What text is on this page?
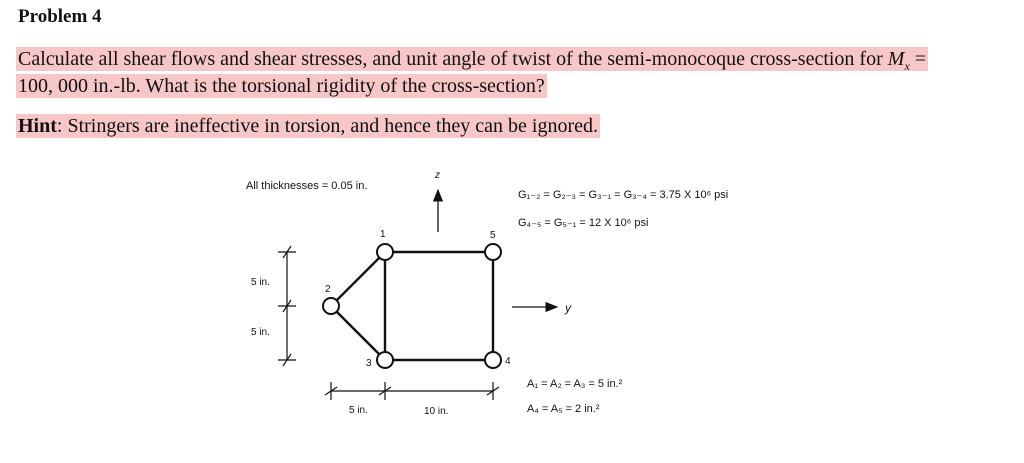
Problem 4

Calculate all shear flows and shear stresses, and unit angle of twist of the semi-monocoque cross-section for $M_x$ =
100, 000 in.-lb. What is the torsional rigidity of the cross-section?

Hint: Stringers are ineffective in torsion, and hence they can be ignored.

All thicknesses = 0.05 in.
G₁₋₂ = G₂₋₃ = G₃₋₁ = G₃₋₄ = 3.75 X 10⁶ psi
G₄₋₅ = G₅₋₁ = 12 X 10⁶ psi
A₁ = A₂ = A₃ = 5 in.²
A₄ = A₅ = 2 in.²
z
y
1
2
3	4
5
5 in.
5 in.
5 in.	10 in.
